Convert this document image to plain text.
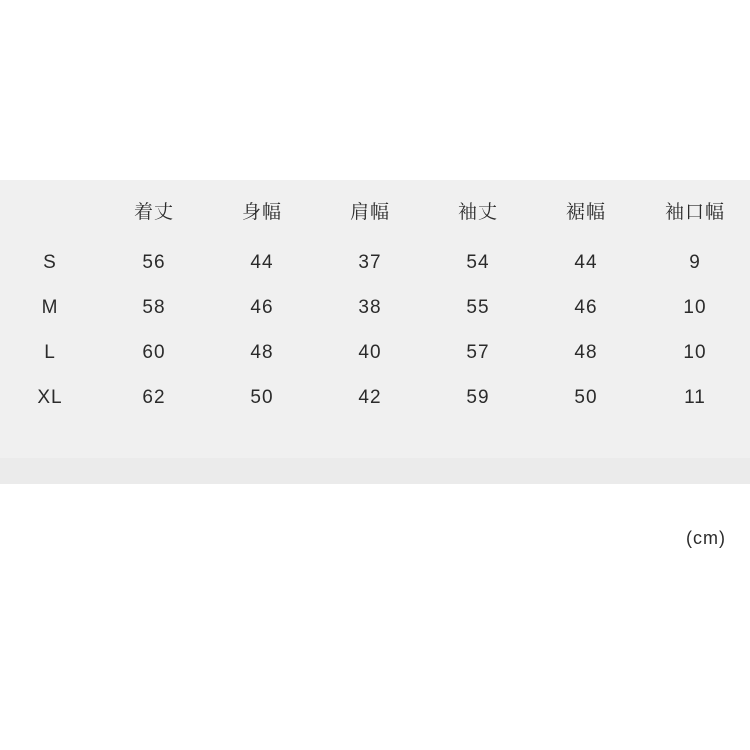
	着丈	身幅	肩幅	袖丈	裾幅	袖口幅
S	56	44	37	54	44	9
M	58	46	38	55	46	10
L	60	48	40	57	48	10
XL	62	50	42	59	50	11
(cm)
